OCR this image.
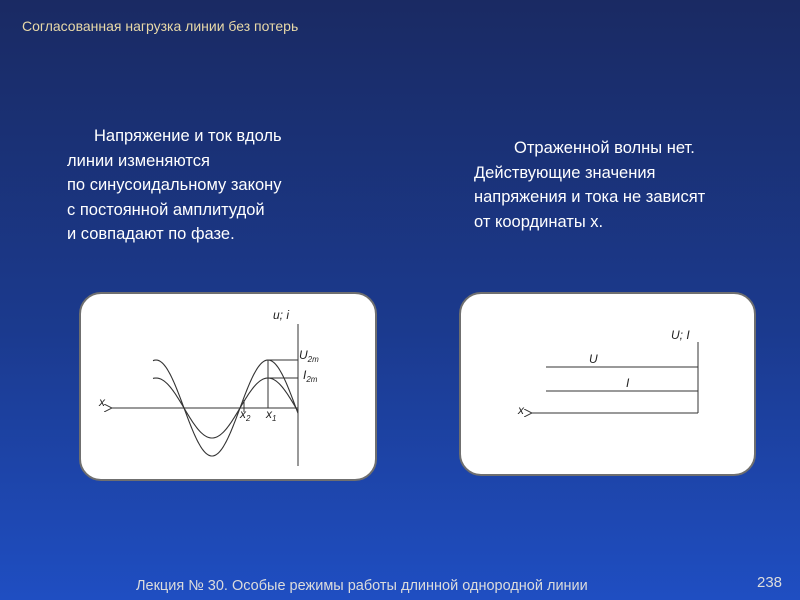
Согласованная нагрузка линии без потерь
Напряжение и ток вдоль
линии изменяются
по синусоидальному закону
с постоянной амплитудой
и совпадают по фазе.
Отраженной волны нет.
Действующие значения
напряжения и тока не зависят
от координаты x.
x
u; i
$U_{2m}$
$I_{2m}$
$x_2$ $x_1$
x
U; I
U
I
Лекция № 30. Особые режимы работы длинной однородной линии	238
